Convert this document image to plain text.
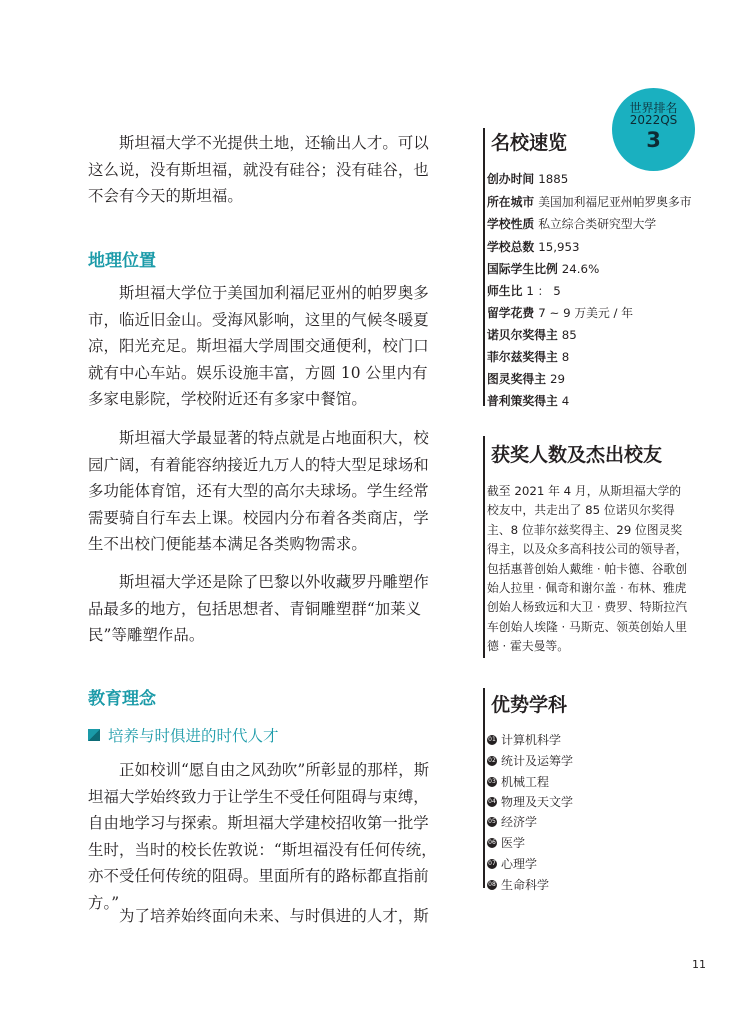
世界排名
2022QS
3

斯坦福大学不光提供土地，还输出人才。可以这么说，没有斯坦福，就没有硅谷；没有硅谷，也不会有今天的斯坦福。

地理位置

斯坦福大学位于美国加利福尼亚州的帕罗奥多市，临近旧金山。受海风影响，这里的气候冬暖夏凉，阳光充足。斯坦福大学周围交通便利，校门口就有中心车站。娱乐设施丰富，方圆 10 公里内有多家电影院，学校附近还有多家中餐馆。

斯坦福大学最显著的特点就是占地面积大，校园广阔，有着能容纳接近九万人的特大型足球场和多功能体育馆，还有大型的高尔夫球场。学生经常需要骑自行车去上课。校园内分布着各类商店，学生不出校门便能基本满足各类购物需求。

斯坦福大学还是除了巴黎以外收藏罗丹雕塑作品最多的地方，包括思想者、青铜雕塑群“加莱义民”等雕塑作品。

教育理念
培养与时俱进的时代人才

正如校训“愿自由之风劲吹”所彰显的那样，斯坦福大学始终致力于让学生不受任何阻碍与束缚，自由地学习与探索。斯坦福大学建校招收第一批学生时，当时的校长佐敦说：“斯坦福没有任何传统，亦不受任何传统的阻碍。里面所有的路标都直指前方。”

为了培养始终面向未来、与时俱进的人才，斯

名校速览
创办时间 1885
所在城市 美国加利福尼亚州帕罗奥多市
学校性质 私立综合类研究型大学
学校总数 15,953
国际学生比例 24.6%
师生比 1 ： 5
留学花费 7 ~ 9 万美元 / 年
诺贝尔奖得主 85
菲尔兹奖得主 8
图灵奖得主 29
普利策奖得主 4
获奖人数及杰出校友

截至 2021 年 4 月，从斯坦福大学的校友中，共走出了 85 位诺贝尔奖得主、8 位菲尔兹奖得主、29 位图灵奖得主，以及众多高科技公司的领导者，包括惠普创始人戴维 · 帕卡德、谷歌创始人拉里 · 佩奇和谢尔盖 · 布林、雅虎创始人杨致远和大卫 · 费罗、特斯拉汽车创始人埃隆 · 马斯克、领英创始人里德 · 霍夫曼等。

优势学科
01 计算机科学
02 统计及运筹学
03 机械工程
04 物理及天文学
05 经济学
06 医学
07 心理学
08 生命科学
11
